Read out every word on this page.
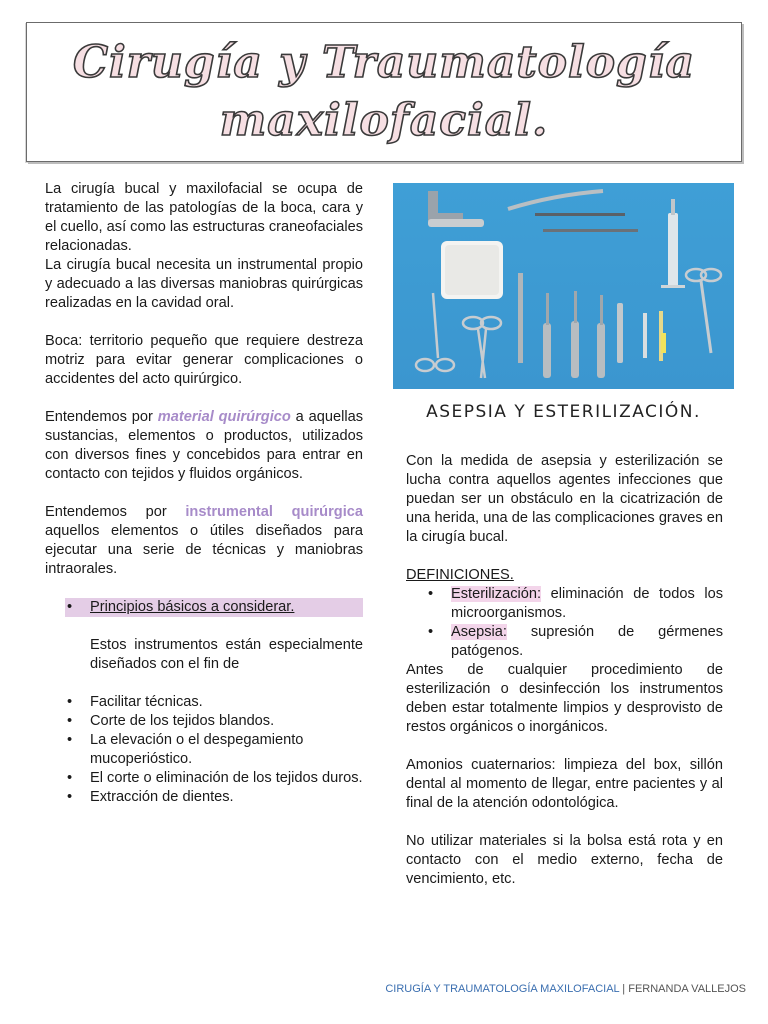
Cirugía y Traumatología
maxilofacial.

La cirugía bucal y maxilofacial se ocupa de tratamiento de las patologías de la boca, cara y el cuello, así como las estructuras craneofaciales relacionadas.

La cirugía bucal necesita un instrumental propio y adecuado a las diversas maniobras quirúrgicas realizadas en la cavidad oral.

Boca: territorio pequeño que requiere destreza motriz para evitar generar complicaciones o accidentes del acto quirúrgico.

Entendemos por material quirúrgico a aquellas sustancias, elementos o productos, utilizados con diversos fines y concebidos para entrar en contacto con tejidos y fluidos orgánicos.

Entendemos por instrumental quirúrgica aquellos elementos o útiles diseñados para ejecutar una serie de técnicas y maniobras intraorales.

• Principios básicos a considerar.

Estos instrumentos están especialmente diseñados con el fin de

• Facilitar técnicas.
• Corte de los tejidos blandos.
• La elevación o el despegamiento mucoperióstico.
• El corte o eliminación de los tejidos duros.
• Extracción de dientes.
ASEPSIA Y ESTERILIZACIÓN.

Con la medida de asepsia y esterilización se lucha contra aquellos agentes infecciones que puedan ser un obstáculo en la cicatrización de una herida, una de las complicaciones graves en la cirugía bucal.

DEFINICIONES.
• Esterilización: eliminación de todos los microorganismos.
• Asepsia: supresión de gérmenes patógenos.

Antes de cualquier procedimiento de esterilización o desinfección los instrumentos deben estar totalmente limpios y desprovisto de restos orgánicos o inorgánicos.

Amonios cuaternarios: limpieza del box, sillón dental al momento de llegar, entre pacientes y al final de la atención odontológica.

No utilizar materiales si la bolsa está rota y en contacto con el medio externo, fecha de vencimiento, etc.

CIRUGÍA Y TRAUMATOLOGÍA MAXILOFACIAL | FERNANDA VALLEJOS
